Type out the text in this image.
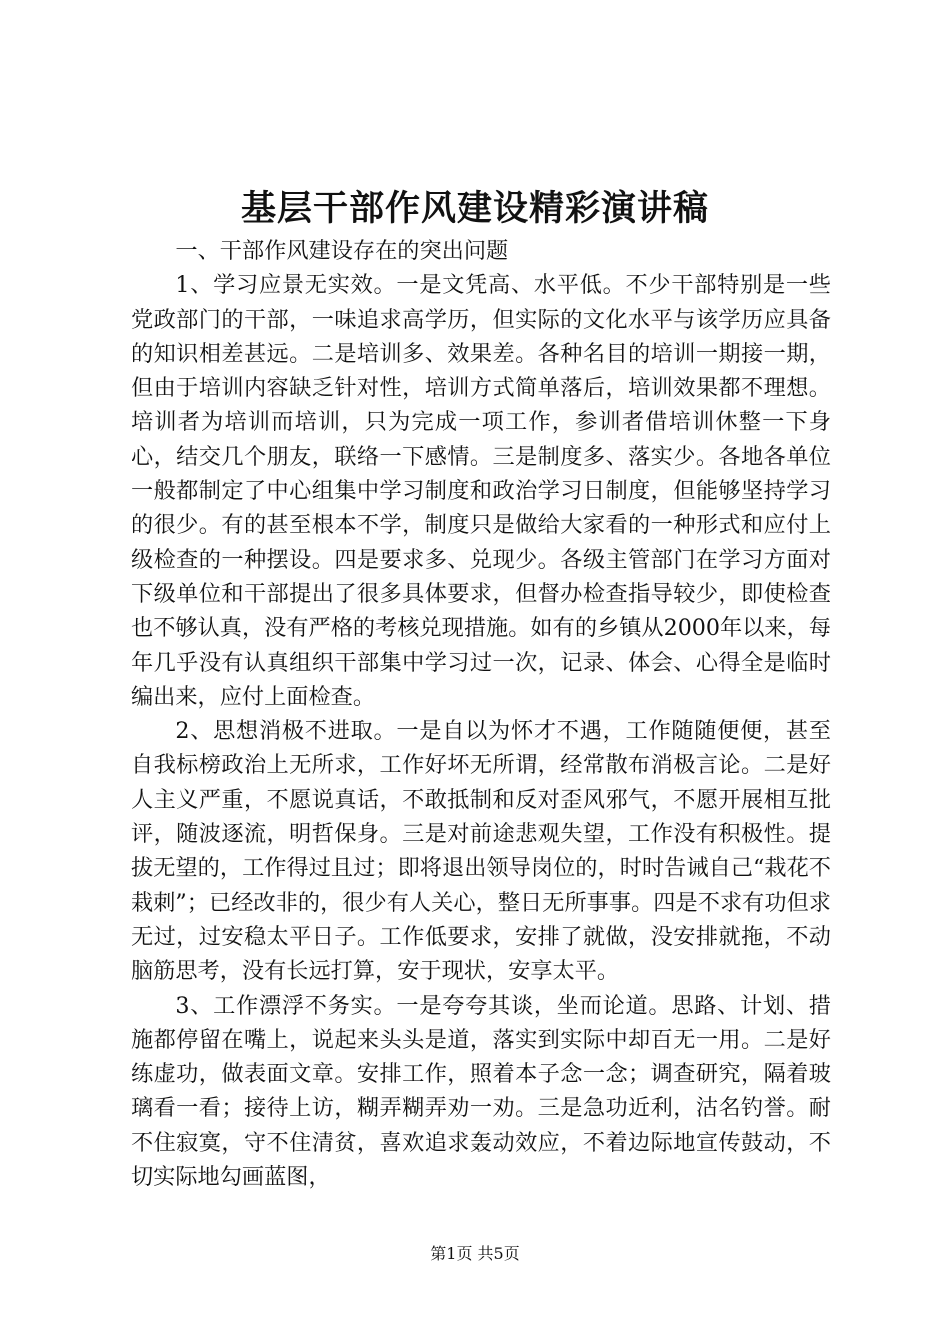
基层干部作风建设精彩演讲稿

一、干部作风建设存在的突出问题

1、学习应景无实效。一是文凭高、水平低。不少干部特别是一些党政部门的干部，一味追求高学历，但实际的文化水平与该学历应具备的知识相差甚远。二是培训多、效果差。各种名目的培训一期接一期，但由于培训内容缺乏针对性，培训方式简单落后，培训效果都不理想。培训者为培训而培训，只为完成一项工作，参训者借培训休整一下身心，结交几个朋友，联络一下感情。三是制度多、落实少。各地各单位一般都制定了中心组集中学习制度和政治学习日制度，但能够坚持学习的很少。有的甚至根本不学，制度只是做给大家看的一种形式和应付上级检查的一种摆设。四是要求多、兑现少。各级主管部门在学习方面对下级单位和干部提出了很多具体要求，但督办检查指导较少，即使检查也不够认真，没有严格的考核兑现措施。如有的乡镇从2000年以来，每年几乎没有认真组织干部集中学习过一次，记录、体会、心得全是临时编出来，应付上面检查。

2、思想消极不进取。一是自以为怀才不遇，工作随随便便，甚至自我标榜政治上无所求，工作好坏无所谓，经常散布消极言论。二是好人主义严重，不愿说真话，不敢抵制和反对歪风邪气，不愿开展相互批评，随波逐流，明哲保身。三是对前途悲观失望，工作没有积极性。提拔无望的，工作得过且过；即将退出领导岗位的，时时告诫自己“栽花不栽刺”；已经改非的，很少有人关心，整日无所事事。四是不求有功但求无过，过安稳太平日子。工作低要求，安排了就做，没安排就拖，不动脑筋思考，没有长远打算，安于现状，安享太平。

3、工作漂浮不务实。一是夸夸其谈，坐而论道。思路、计划、措施都停留在嘴上，说起来头头是道，落实到实际中却百无一用。二是好练虚功，做表面文章。安排工作，照着本子念一念；调查研究，隔着玻璃看一看；接待上访，糊弄糊弄劝一劝。三是急功近利，沽名钓誉。耐不住寂寞，守不住清贫，喜欢追求轰动效应，不着边际地宣传鼓动，不切实际地勾画蓝图，

第1页 共5页
